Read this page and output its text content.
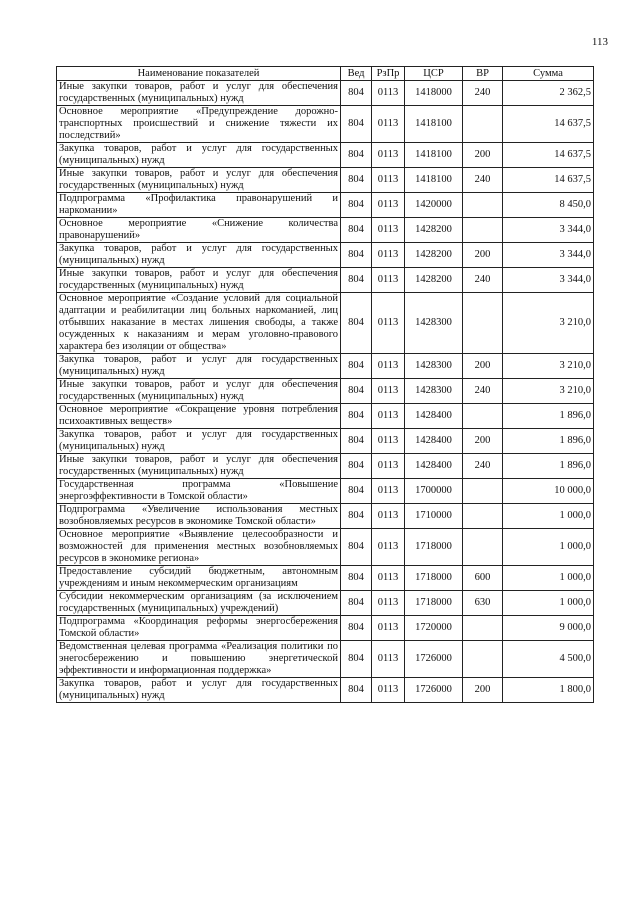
113
Наименование показателей	Вед	РзПр	ЦСР	ВР	Сумма
Иные закупки товаров, работ и услуг для обеспечения государственных (муниципальных) нужд	804	0113	1418000	240	2 362,5
Основное мероприятие «Предупреждение дорожно-транспортных происшествий и снижение тяжести их последствий»	804	0113	1418100		14 637,5
Закупка товаров, работ и услуг для государственных (муниципальных) нужд	804	0113	1418100	200	14 637,5
Иные закупки товаров, работ и услуг для обеспечения государственных (муниципальных) нужд	804	0113	1418100	240	14 637,5
Подпрограмма «Профилактика правонарушений и наркомании»	804	0113	1420000		8 450,0
Основное мероприятие «Снижение количества правонарушений»	804	0113	1428200		3 344,0
Закупка товаров, работ и услуг для государственных (муниципальных) нужд	804	0113	1428200	200	3 344,0
Иные закупки товаров, работ и услуг для обеспечения государственных (муниципальных) нужд	804	0113	1428200	240	3 344,0
Основное мероприятие «Создание условий для социальной адаптации и реабилитации лиц больных наркоманией, лиц отбывших наказание в местах лишения свободы, а также осужденных к наказаниям и мерам уголовно-правового характера без изоляции от общества»	804	0113	1428300		3 210,0
Закупка товаров, работ и услуг для государственных (муниципальных) нужд	804	0113	1428300	200	3 210,0
Иные закупки товаров, работ и услуг для обеспечения государственных (муниципальных) нужд	804	0113	1428300	240	3 210,0
Основное мероприятие «Сокращение уровня потребления психоактивных веществ»	804	0113	1428400		1 896,0
Закупка товаров, работ и услуг для государственных (муниципальных) нужд	804	0113	1428400	200	1 896,0
Иные закупки товаров, работ и услуг для обеспечения государственных (муниципальных) нужд	804	0113	1428400	240	1 896,0
Государственная программа «Повышение энергоэффективности в Томской области»	804	0113	1700000		10 000,0
Подпрограмма «Увеличение использования местных возобновляемых ресурсов в экономике Томской области»	804	0113	1710000		1 000,0
Основное мероприятие «Выявление целесообразности и возможностей для применения местных возобновляемых ресурсов в экономике региона»	804	0113	1718000		1 000,0
Предоставление субсидий бюджетным, автономным учреждениям и иным некоммерческим организациям	804	0113	1718000	600	1 000,0
Субсидии некоммерческим организациям (за исключением государственных (муниципальных) учреждений)	804	0113	1718000	630	1 000,0
Подпрограмма «Координация реформы энергосбережения Томской области»	804	0113	1720000		9 000,0
Ведомственная целевая программа «Реализация политики по энегосбережению и повышению энергетической эффективности и информационная поддержка»	804	0113	1726000		4 500,0
Закупка товаров, работ и услуг для государственных (муниципальных) нужд	804	0113	1726000	200	1 800,0
